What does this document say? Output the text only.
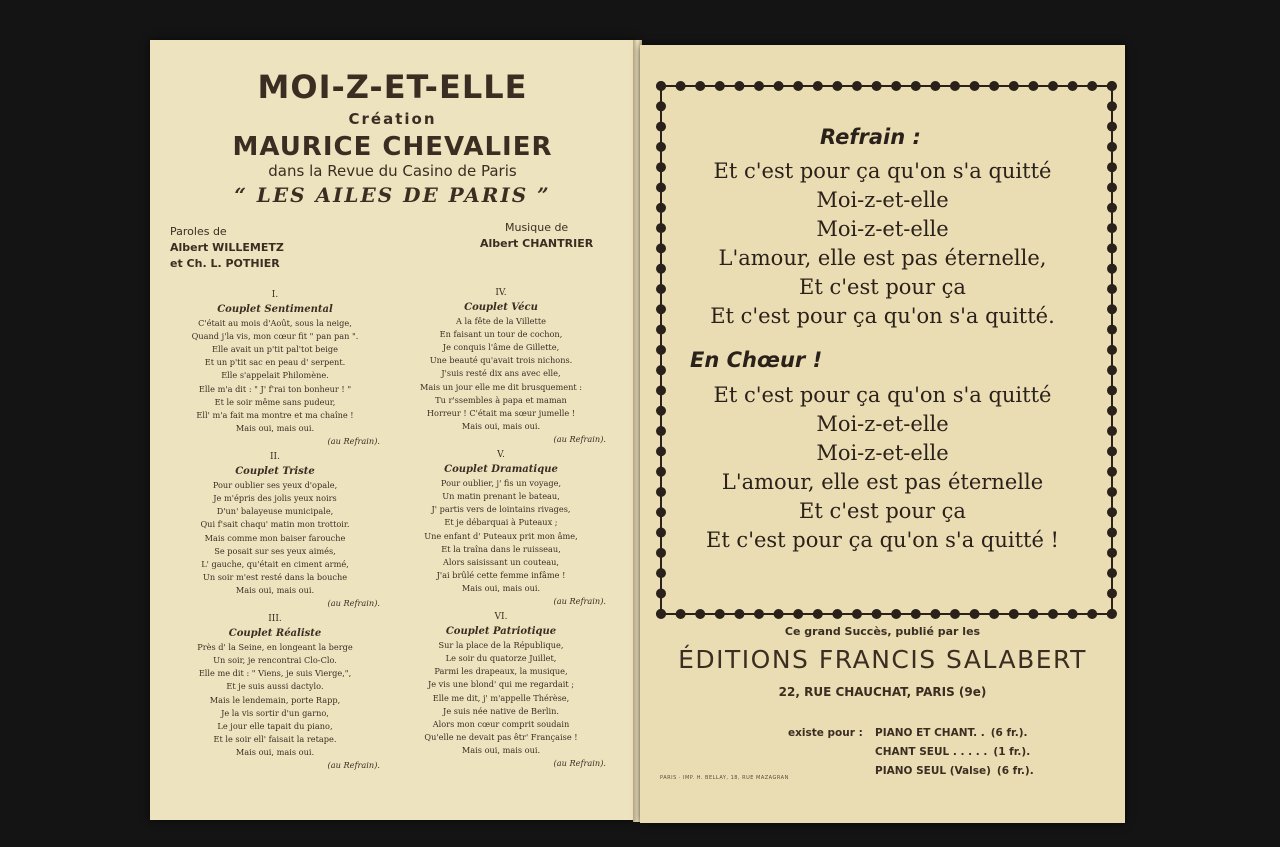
MOI-Z-ET-ELLE
Création
MAURICE CHEVALIER
dans la Revue du Casino de Paris
“ LES AILES DE PARIS ”
Paroles de
Albert WILLEMETZ
et Ch. L. POTHIER
Musique de
Albert CHANTRIER
I.
Couplet Sentimental
C'était au mois d'Août, sous la neige,
Quand j'la vis, mon cœur fit " pan pan ".
Elle avait un p'tit pal'tot beige
Et un p'tit sac en peau d' serpent.
Elle s'appelait Philomène.
Elle m'a dit : " J' f'rai ton bonheur ! "
Et le soir même sans pudeur,
Ell' m'a fait ma montre et ma chaîne !
Mais oui, mais oui.
(au Refrain).
II.
Couplet Triste
Pour oublier ses yeux d'opale,
Je m'épris des jolis yeux noirs
D'un' balayeuse municipale,
Qui f'sait chaqu' matin mon trottoir.
Mais comme mon baiser farouche
Se posait sur ses yeux aimés,
L' gauche, qu'était en ciment armé,
Un soir m'est resté dans la bouche
Mais oui, mais oui.
(au Refrain).
III.
Couplet Réaliste
Près d' la Seine, en longeant la berge
Un soir, je rencontrai Clo-Clo.
Elle me dit : " Viens, je suis Vierge,",
Et je suis aussi dactylo.
Mais le lendemain, porte Rapp,
Je la vis sortir d'un garno,
Le jour elle tapait du piano,
Et le soir ell' faisait la retape.
Mais oui, mais oui.
(au Refrain).
IV.
Couplet Vécu
A la fête de la Villette
En faisant un tour de cochon,
Je conquis l'âme de Gillette,
Une beauté qu'avait trois nichons.
J'suis resté dix ans avec elle,
Mais un jour elle me dit brusquement :
Tu r'ssembles à papa et maman
Horreur ! C'était ma sœur jumelle !
Mais oui, mais oui.
(au Refrain).
V.
Couplet Dramatique
Pour oublier, j' fis un voyage,
Un matin prenant le bateau,
J' partis vers de lointains rivages,
Et je débarquai à Puteaux ;
Une enfant d' Puteaux prit mon âme,
Et la traîna dans le ruisseau,
Alors saisissant un couteau,
J'ai brûlé cette femme infâme !
Mais oui, mais oui.
(au Refrain).
VI.
Couplet Patriotique
Sur la place de la République,
Le soir du quatorze Juillet,
Parmi les drapeaux, la musique,
Je vis une blond' qui me regardait ;
Elle me dit, j' m'appelle Thérèse,
Je suis née native de Berlin.
Alors mon cœur comprit soudain
Qu'elle ne devait pas êtr' Française !
Mais oui, mais oui.
(au Refrain).
Refrain :
Et c'est pour ça qu'on s'a quitté
Moi-z-et-elle
Moi-z-et-elle
L'amour, elle est pas éternelle,
Et c'est pour ça
Et c'est pour ça qu'on s'a quitté.
En Chœur !
Et c'est pour ça qu'on s'a quitté
Moi-z-et-elle
Moi-z-et-elle
L'amour, elle est pas éternelle
Et c'est pour ça
Et c'est pour ça qu'on s'a quitté !
Ce grand Succès, publié par les
ÉDITIONS FRANCIS SALABERT
22, RUE CHAUCHAT, PARIS (9e)
existe pour : PIANO ET CHANT. . (6 fr.).
CHANT SEUL . . . . . (1 fr.).
PIANO SEUL (Valse) (6 fr.).
PARIS · IMP. H. BELLAY, 18, RUE MAZAGRAN
